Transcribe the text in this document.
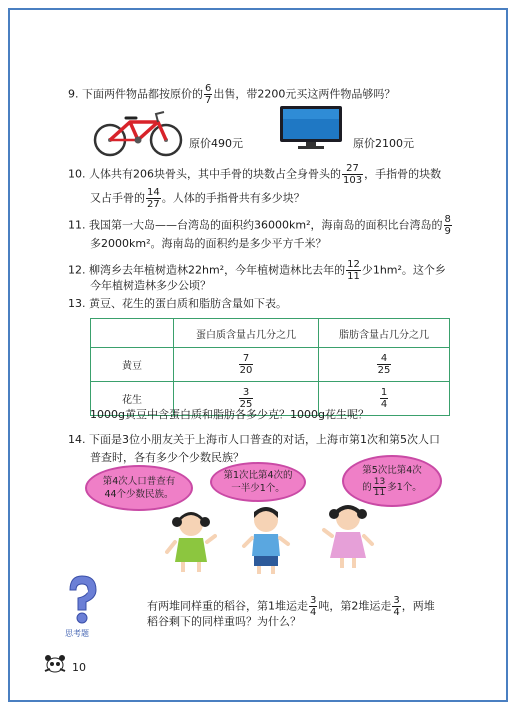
9. 下面两件物品都按原价的 $\frac{6}{7}$ 出售，带2200元买这两件物品够吗？
原价490元	原价2100元
10. 人体共有206块骨头，其中手骨的块数占全身骨头的 $\frac{27}{103}$ ，手指骨的块数
又占手骨的 $\frac{14}{27}$ 。人体的手指骨共有多少块？
11. 我国第一大岛——台湾岛的面积约36000km²，海南岛的面积比台湾岛的 $\frac{8}{9}$
多2000km²。海南岛的面积约是多少平方千米？
12. 柳湾乡去年植树造林22hm²，今年植树造林比去年的 $\frac{12}{11}$ 少1hm²。这个乡
今年植树造林多少公顷？
13. 黄豆、花生的蛋白质和脂肪含量如下表。
	蛋白质含量占几分之几	脂肪含量占几分之几
黄豆	$\frac{7}{20}$	$\frac{4}{25}$

花生	$\frac{3}{25}$	$\frac{1}{4}$
1000g黄豆中含蛋白质和脂肪各多少克？1000g花生呢？
14. 下面是3位小朋友关于上海市人口普查的对话，上海市第1次和第5次人口
普查时，各有多少个少数民族？
第4次人口普查有
44个少数民族。
第1次比第4次的
一半少1个。
第5次比第4次
的 $\frac{13}{11}$ 多1个。
思考题
有两堆同样重的稻谷，第1堆运走 $\frac{3}{4}$ 吨，第2堆运走 $\frac{3}{4}$ ，两堆
稻谷剩下的同样重吗？为什么？
10
